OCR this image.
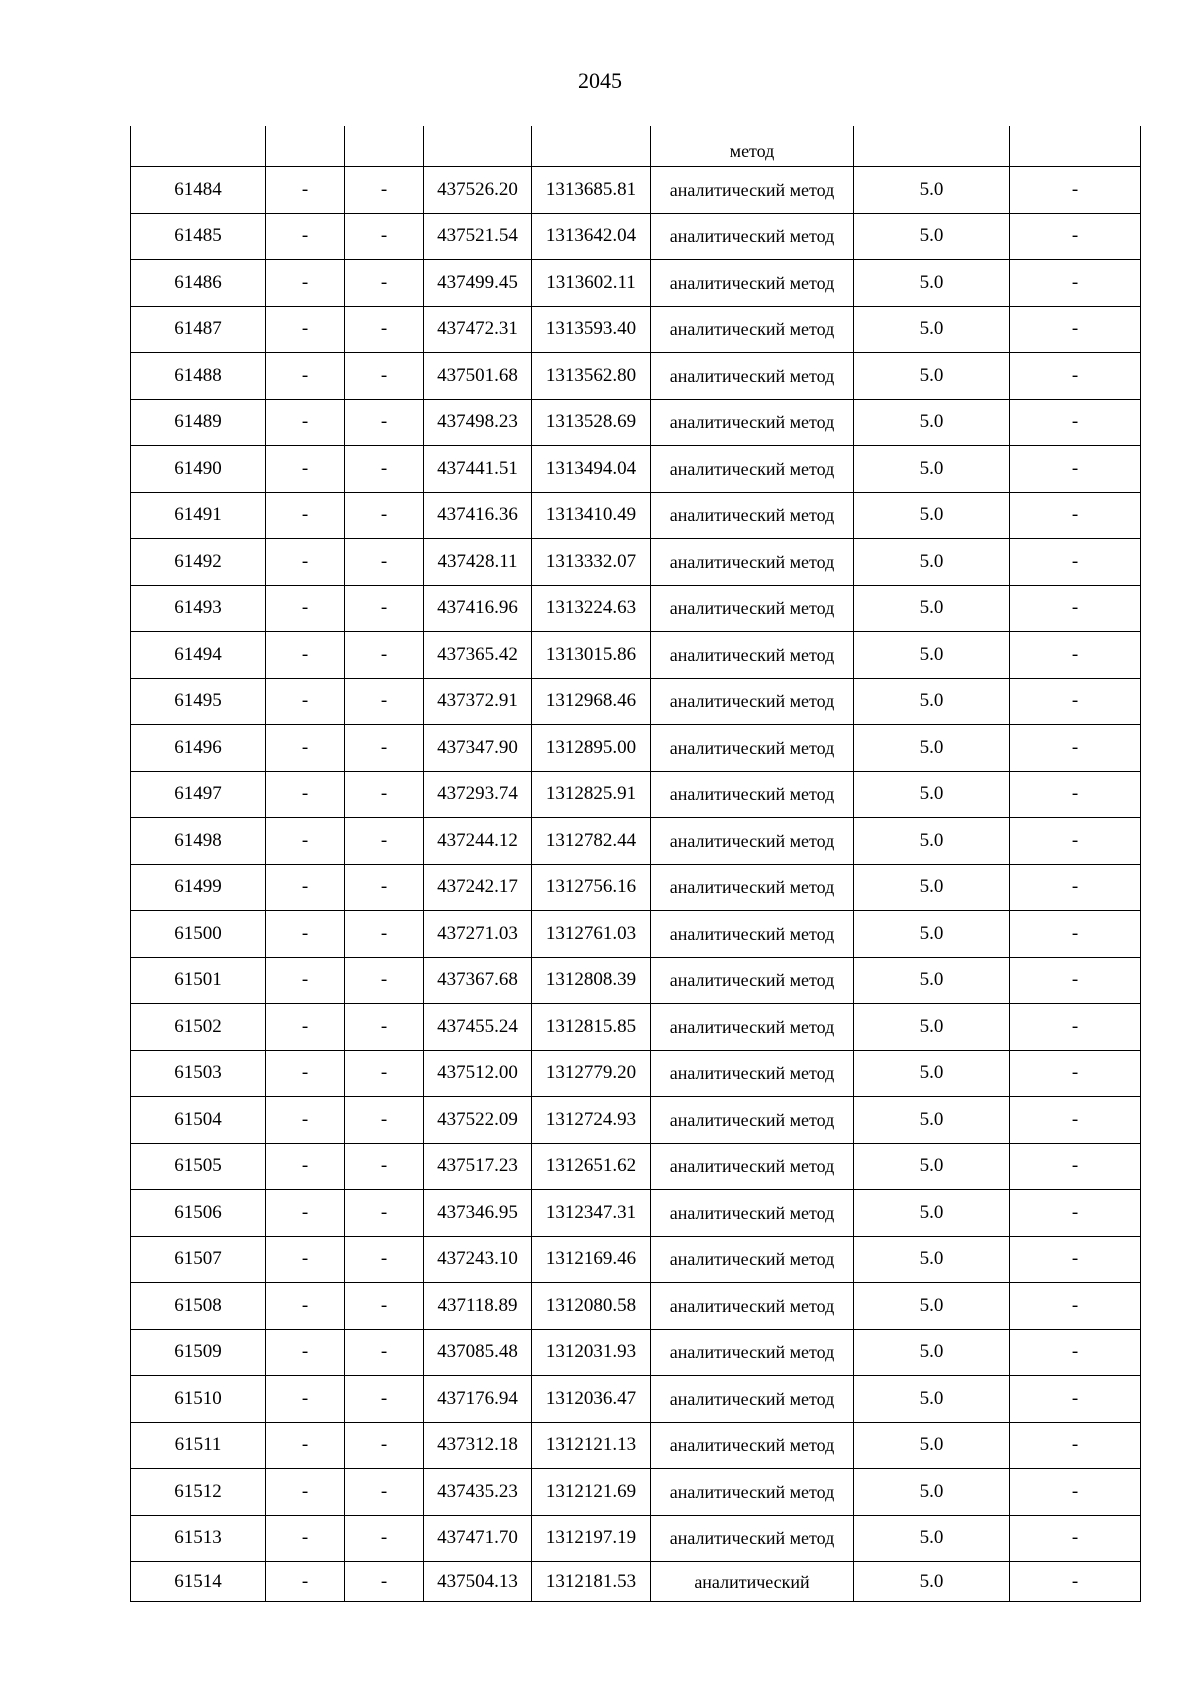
2045
					метод		
61484	-	-	437526.20	1313685.81	аналитический метод	5.0	-
61485	-	-	437521.54	1313642.04	аналитический метод	5.0	-
61486	-	-	437499.45	1313602.11	аналитический метод	5.0	-
61487	-	-	437472.31	1313593.40	аналитический метод	5.0	-
61488	-	-	437501.68	1313562.80	аналитический метод	5.0	-
61489	-	-	437498.23	1313528.69	аналитический метод	5.0	-
61490	-	-	437441.51	1313494.04	аналитический метод	5.0	-
61491	-	-	437416.36	1313410.49	аналитический метод	5.0	-
61492	-	-	437428.11	1313332.07	аналитический метод	5.0	-
61493	-	-	437416.96	1313224.63	аналитический метод	5.0	-
61494	-	-	437365.42	1313015.86	аналитический метод	5.0	-
61495	-	-	437372.91	1312968.46	аналитический метод	5.0	-
61496	-	-	437347.90	1312895.00	аналитический метод	5.0	-
61497	-	-	437293.74	1312825.91	аналитический метод	5.0	-
61498	-	-	437244.12	1312782.44	аналитический метод	5.0	-
61499	-	-	437242.17	1312756.16	аналитический метод	5.0	-
61500	-	-	437271.03	1312761.03	аналитический метод	5.0	-
61501	-	-	437367.68	1312808.39	аналитический метод	5.0	-
61502	-	-	437455.24	1312815.85	аналитический метод	5.0	-
61503	-	-	437512.00	1312779.20	аналитический метод	5.0	-
61504	-	-	437522.09	1312724.93	аналитический метод	5.0	-
61505	-	-	437517.23	1312651.62	аналитический метод	5.0	-
61506	-	-	437346.95	1312347.31	аналитический метод	5.0	-
61507	-	-	437243.10	1312169.46	аналитический метод	5.0	-
61508	-	-	437118.89	1312080.58	аналитический метод	5.0	-
61509	-	-	437085.48	1312031.93	аналитический метод	5.0	-
61510	-	-	437176.94	1312036.47	аналитический метод	5.0	-
61511	-	-	437312.18	1312121.13	аналитический метод	5.0	-
61512	-	-	437435.23	1312121.69	аналитический метод	5.0	-
61513	-	-	437471.70	1312197.19	аналитический метод	5.0	-
61514	-	-	437504.13	1312181.53	аналитический	5.0	-
